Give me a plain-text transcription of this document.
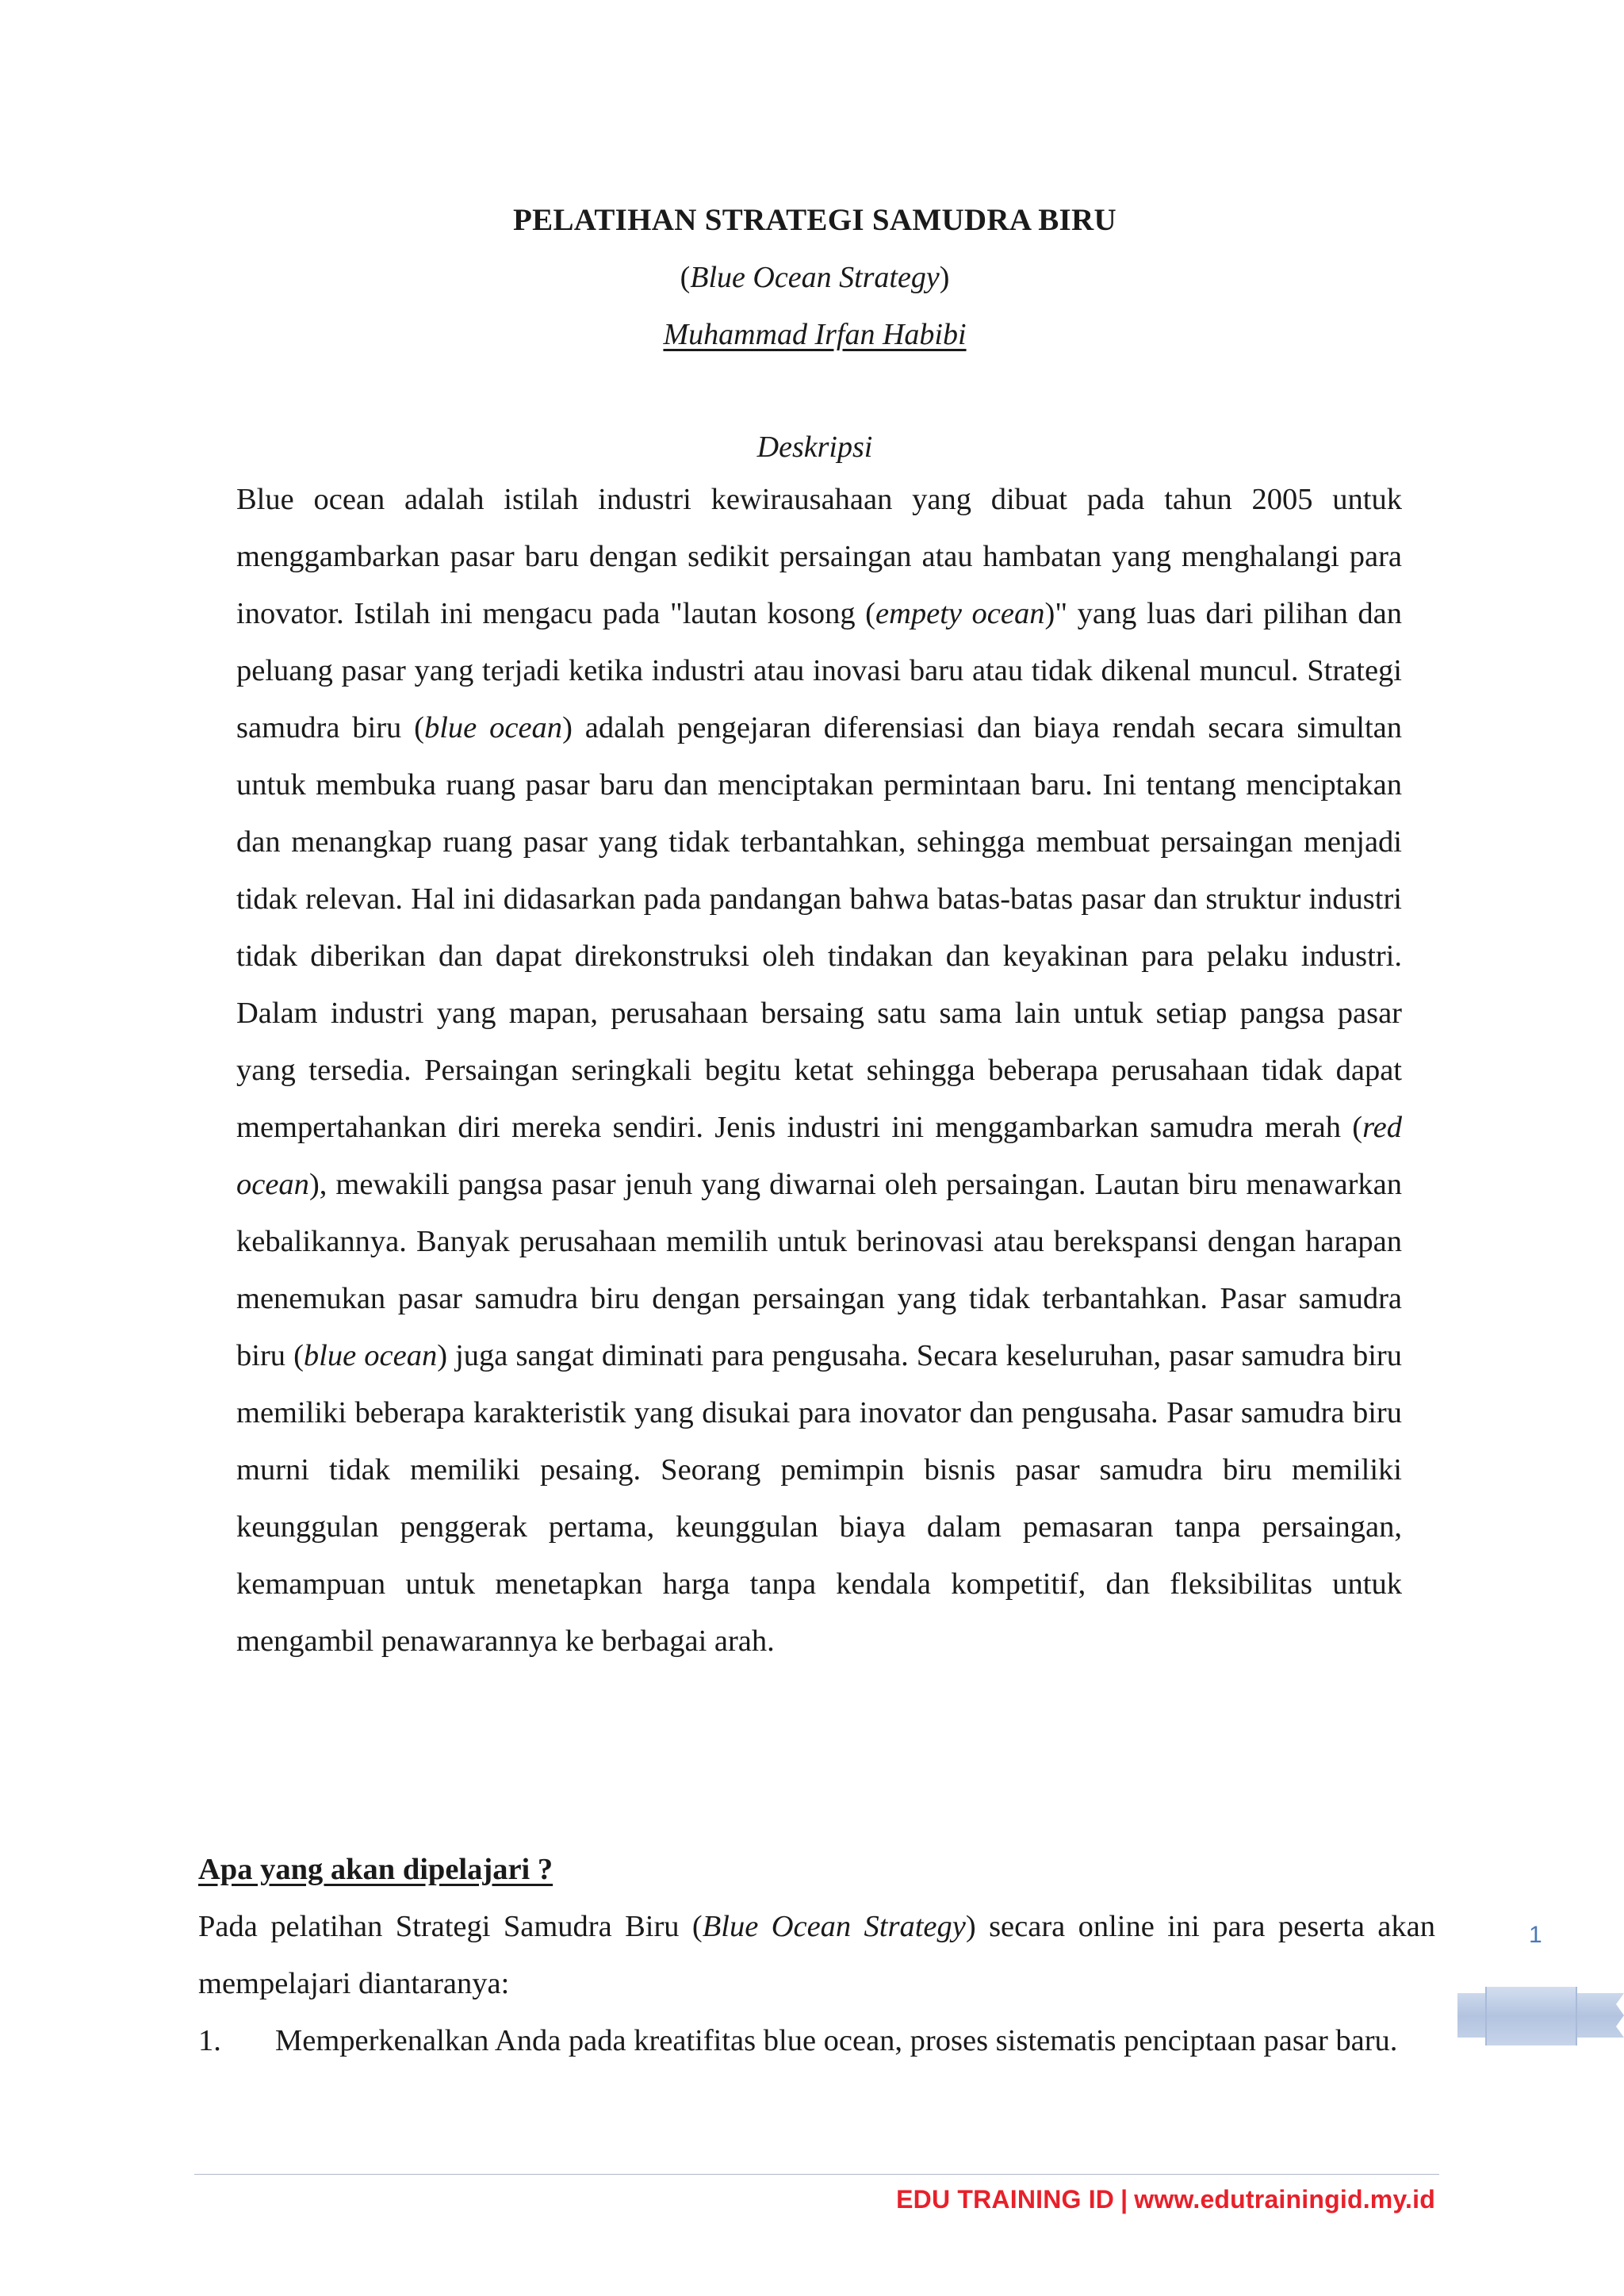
PELATIHAN STRATEGI SAMUDRA BIRU
(Blue Ocean Strategy)
Muhammad Irfan Habibi
Deskripsi
Blue ocean adalah istilah industri kewirausahaan yang dibuat pada tahun 2005 untuk menggambarkan pasar baru dengan sedikit persaingan atau hambatan yang menghalangi para inovator. Istilah ini mengacu pada "lautan kosong (empety ocean)" yang luas dari pilihan dan peluang pasar yang terjadi ketika industri atau inovasi baru atau tidak dikenal muncul. Strategi samudra biru (blue ocean) adalah pengejaran diferensiasi dan biaya rendah secara simultan untuk membuka ruang pasar baru dan menciptakan permintaan baru. Ini tentang menciptakan dan menangkap ruang pasar yang tidak terbantahkan, sehingga membuat persaingan menjadi tidak relevan. Hal ini didasarkan pada pandangan bahwa batas-batas pasar dan struktur industri tidak diberikan dan dapat direkonstruksi oleh tindakan dan keyakinan para pelaku industri. Dalam industri yang mapan, perusahaan bersaing satu sama lain untuk setiap pangsa pasar yang tersedia. Persaingan seringkali begitu ketat sehingga beberapa perusahaan tidak dapat mempertahankan diri mereka sendiri. Jenis industri ini menggambarkan samudra merah (red ocean), mewakili pangsa pasar jenuh yang diwarnai oleh persaingan. Lautan biru menawarkan kebalikannya. Banyak perusahaan memilih untuk berinovasi atau berekspansi dengan harapan menemukan pasar samudra biru dengan persaingan yang tidak terbantahkan. Pasar samudra biru (blue ocean) juga sangat diminati para pengusaha. Secara keseluruhan, pasar samudra biru memiliki beberapa karakteristik yang disukai para inovator dan pengusaha. Pasar samudra biru murni tidak memiliki pesaing. Seorang pemimpin bisnis pasar samudra biru memiliki keunggulan penggerak pertama, keunggulan biaya dalam pemasaran tanpa persaingan, kemampuan untuk menetapkan harga tanpa kendala kompetitif, dan fleksibilitas untuk mengambil penawarannya ke berbagai arah.
Apa yang akan dipelajari ?
Pada pelatihan Strategi Samudra Biru (Blue Ocean Strategy) secara online ini para peserta akan mempelajari diantaranya:
1.	Memperkenalkan Anda pada kreatifitas blue ocean, proses sistematis penciptaan pasar baru.
1
EDU TRAINING ID | www.edutrainingid.my.id
